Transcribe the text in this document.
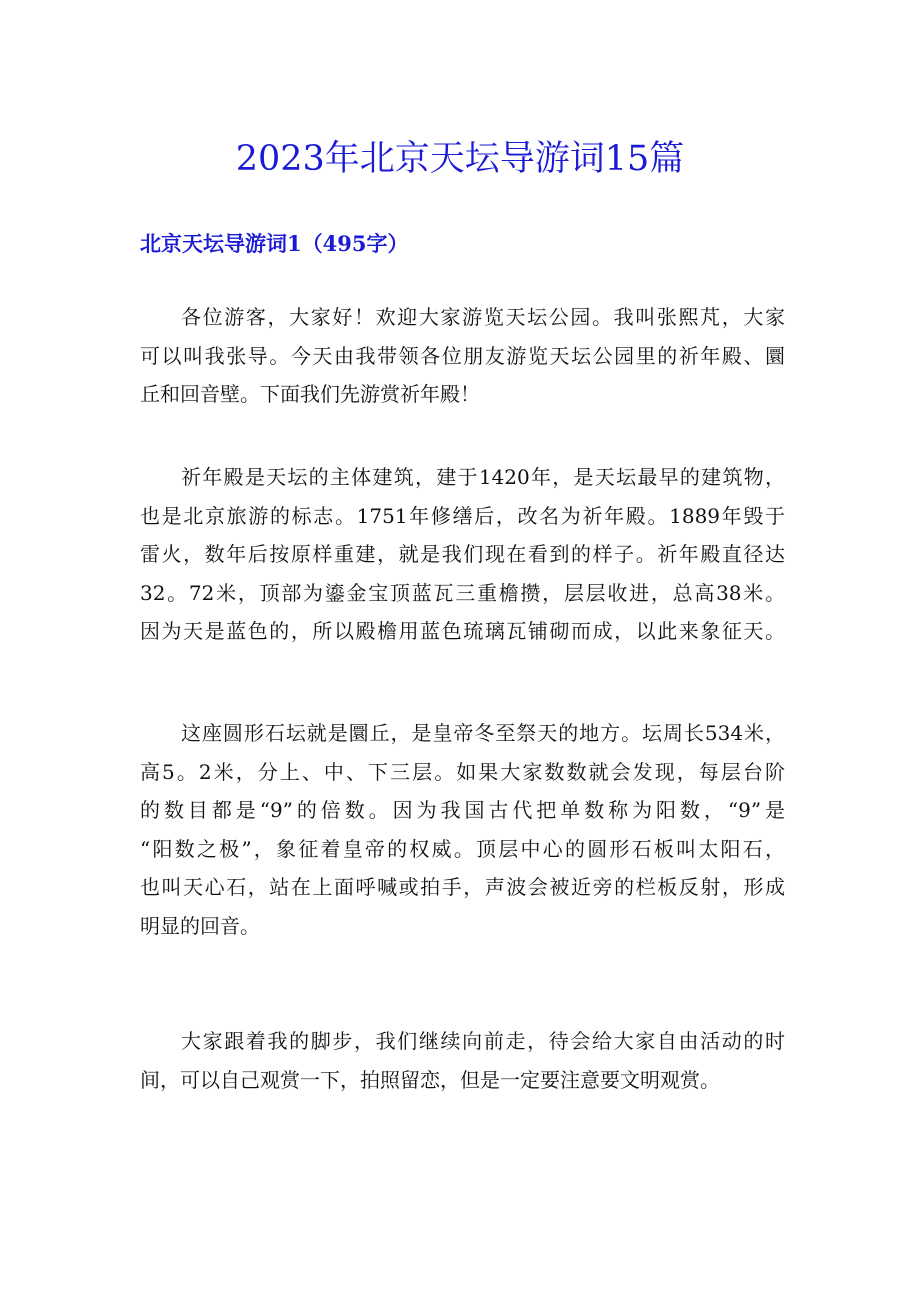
2023年北京天坛导游词15篇
北京天坛导游词1（495字）
各位游客，大家好！欢迎大家游览天坛公园。我叫张熙芃，大家
可以叫我张导。今天由我带领各位朋友游览天坛公园里的祈年殿、圜
丘和回音壁。下面我们先游赏祈年殿！
祈年殿是天坛的主体建筑，建于1420年，是天坛最早的建筑物，
也是北京旅游的标志。1751年修缮后，改名为祈年殿。1889年毁于
雷火，数年后按原样重建，就是我们现在看到的样子。祈年殿直径达
32。72米，顶部为鎏金宝顶蓝瓦三重檐攒，层层收进，总高38米。
因为天是蓝色的，所以殿檐用蓝色琉璃瓦铺砌而成，以此来象征天。
这座圆形石坛就是圜丘，是皇帝冬至祭天的地方。坛周长534米，
高5。2米，分上、中、下三层。如果大家数数就会发现，每层台阶
的数目都是“9”的倍数。因为我国古代把单数称为阳数，“9”是
“阳数之极”，象征着皇帝的权威。顶层中心的圆形石板叫太阳石，
也叫天心石，站在上面呼喊或拍手，声波会被近旁的栏板反射，形成
明显的回音。
大家跟着我的脚步，我们继续向前走，待会给大家自由活动的时
间，可以自己观赏一下，拍照留恋，但是一定要注意要文明观赏。
